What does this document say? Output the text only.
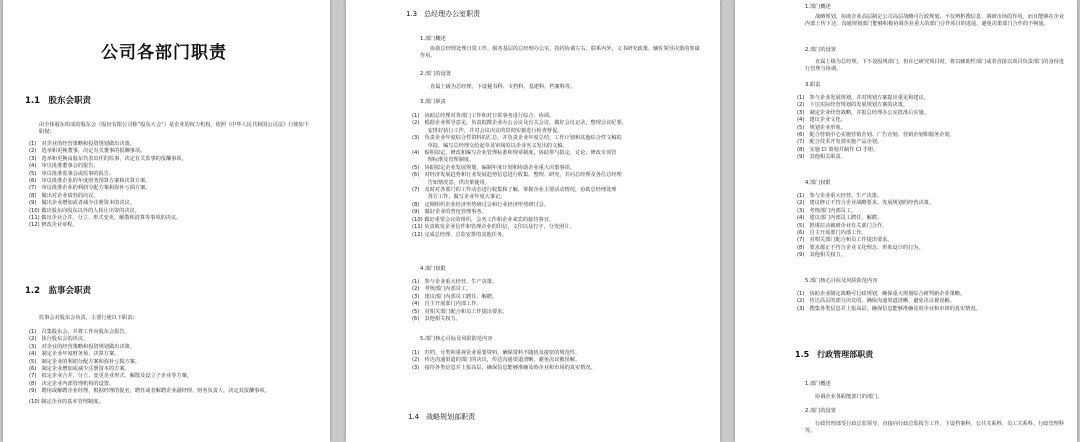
公司各部门职责
1.1　股东会职责
由全体股东组成的股东会（股份有限公司称“股东大会”）是企业的权力机构，依照《中华人民共和国公司法》行使如下职权：
(1)　对企业的经营策略和投资规划做出决策。
(2)　选举和更换董事，决定有关董事的报酬事项。
(3)　选举和更换由股东代表出任的监事，决定有关监事的报酬事项。
(4)　审议批准董事会的报告。
(5)　审议批准监事会或监事的报告。
(6)　审议批准企业的年度财务预算方案和决算方案。
(7)　审议批准企业的利润分配方案和弥补亏损方案。
(8)　做出对企业债券的决议。
(9)　做出企业增加或者减少注册资本的决议。
(10) 做出股东向股东以外的人转让出资的决议。
(11) 做出企业合并、分立、形式变更、解散和清算等事项的决议。
(12) 修改企业章程。
1.2　监事会职责
监事会对股东会负责，主要行使以下职责：
(1)　召集股东会，并将工作向股东会报告。
(2)　执行股东会的决议。
(3)　对企业的经营策略和投资规划做出决策。
(4)　制定企业年度财务预、决算方案。
(5)　制定企业的利润分配方案和弥补亏损方案。
(6)　制定企业增加或减少注册资本的方案。
(7)　拟定企业合并、分立、变更企业形式、解散及设立子企业等方案。
(8)　决定企业内部管理机构的设置。
(9)　聘用或解聘企业经理，根据经理的提名，聘任或者解聘企业副经理、财务负责人，决定其报酬事项。
(10) 制定企业的基本管理制度。
1.3　总经理办公室职责
1.部门概述
协助总经理处理日常工作，服务基层的总经理办公室，指挥协调左右、联系内外，文书研究政策、辅佐领导决策的参谋作用。
2.部门的设置
直属上级为总经理，下设秘书科、文档科、基建科、档案科等。
3.部门职责
(1)　协助总经理对各部门工作和对日常事务进行综合、协调。
(2)　根据企业领导意见，负责拟撰企业办公会议及有关会议，做好会议记录，整理会议纪要，
　　　安排好执行工作，并对会议决议的贯彻实施进行检查督促。
(3)　负责企业年度综合性资料的汇总，并负责企业年度总结、工作计划和其他综合性文稿的
　　　草拟，编写总经理交给起草及审阅的以企业名义发出的文稿。
(4)　贴积拟定、修改和编写企业管理标准和规章制度，协助参与拟定、讨论、修改专项管
　　　理标准及管理制度。
(5)　协助拟定企业发展规划，编制年度计划和协助企业重大决策事项。
(6)　对经济发展趋势和行业发展趋势信息进行收集、整理、研究，并向总经理及各位总经理
　　　告知情况意，供决策使用。
(7)　及时对各部门的工作动态进行收集和了解，掌握企业主要活动情况，协助总经理处理
　　　各方工作，做写企业年度大事记。
(8)　定期组织企业经济形势研讨会和行业经济形势研讨会。
(9)　做好企业的普包管理事务。
(10) 做好重要会议的组织，会务工作和企业来宾的接待事宜。
(11) 负责收发企业信件和管理企业的印信，文印以及打字、分发照片。
(12) 完成总经理、总监安排的其他任务。
4.部门权限
(1)　参与企业重大经营、生产决策。
(2)　考核部门内部员工。
(3)　建议部门内部员工聘任、解聘。
(4)　自主开展部门内部工作。
(5)　对相关部门配合和员工作提出要求。
(6)　其他相关权力。
5.部门核心目标及风险防范内容
(1)　归档、分类和重视企业重要资料，确保资料不随机及接密的规范性。
(2)　传达沟通渠道的部门的决议，传达沟通渠道清晰，避免决议被误解。
(3)　接待各类信息并上报高层，确保信息能够准确及時企业和市场的真实情况。
1.4　战略规划部职责
1.部门概述
战略规划，协助企业高层制定公司高层战略可行政规划，不仅辨析搜信息、调研市场的作用。而且能够在企业内部上传下达、沟通规划部门能够积极协调企业重大的部门合作项目的进展，避免决策部门合作的不畅通。
2.部门的设置
直属上级为总经理，下不设股规部门。但在已研究项目时，将以辅助性部门或者直接以项目负责部门的身份进行管理与协调。
3.职责
(1)　参与企业发展规划，并对规划方案提出重见和建议。
(2)　下达实际经营规划的发展规划方案的决策。
(3)　制定企业经营战略，并报总经理办公室批准后实施。
(4)　建议企业文化。
(5)　规划企业形象。
(6)　配合营销中心实施营销企划、广告企划、营销企划和服务企划。
(7)　配合技术开发部实施产品企划。
(8)　实施 CI 策划并制作 CI 手册。
(9)　其他相关职责。
4.部门权限
(1)　参与企业重大经营、生产决策。
(2)　建议修订不符合企业战略要求、发展规划的经营决策。
(3)　考核部门内部员工。
(4)　建议部门内部员工聘任、解聘。
(5)　推诿拉动被研企业有关部门合作。
(6)　自主开展部门内部工作。
(7)　对相关部门配合和员工作提出要求。
(8)　要求都正不符合企业文化理念、形象设计的行为。
(9)　其他相关权力。
5.部门核心目标及风险防范内容
(1)　协助企业制定战略可行政规划，确保重大规划综合研判新企业策略。
(2)　传达高层的部分决议的，确保沟通渠道清晰，避免决议被误解。
(3)　搜集各类信息并上报高层，确保信息能够准确及时企业和市场的真实情况。
1.5　行政管理部职责
1.部门概述
协调企业各职能部门的部门。
2.部门的设置
行政管理部受行政总监领导，直接向行政总监报告工作，下设档案科、公共关系科、员工关系科、行政管理科等。
